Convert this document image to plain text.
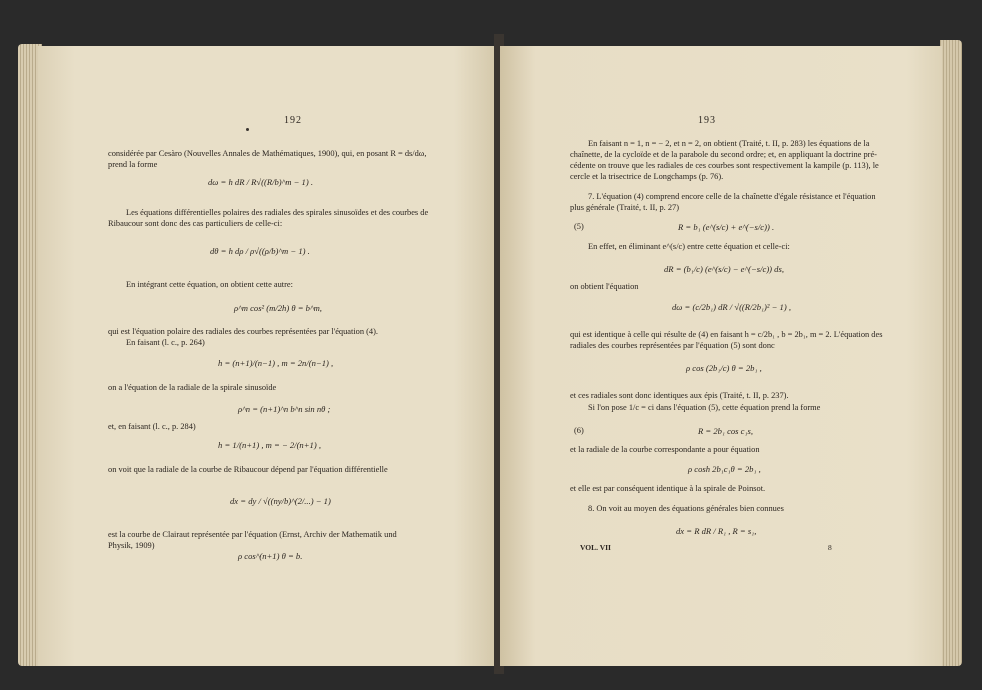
192
considérée par Cesàro (Nouvelles Annales de Mathématiques, 1900), qui, en posant R = ds/dω,
prend la forme
dω = h dR / R√((R/b)^m − 1) .
Les équations différentielles polaires des radiales des spirales sinusoïdes et des courbes de
Ribaucour sont donc des cas particuliers de celle-ci:
dθ = h dρ / ρ√((ρ/b)^m − 1) .
En intégrant cette équation, on obtient cette autre:
ρ^m cos² (m/2h) θ = b^m,
qui est l'équation polaire des radiales des courbes représentées par l'équation (4).
En faisant (l. c., p. 264)
h = (n+1)/(n−1) , m = 2n/(n−1) ,
on a l'équation de la radiale de la spirale sinusoïde
ρ^n = (n+1)^n b^n sin nθ ;
et, en faisant (l. c., p. 284)
h = 1/(n+1) , m = − 2/(n+1) ,
on voit que la radiale de la courbe de Ribaucour dépend par l'équation différentielle
dx = dy / √((ny/b)^(2/...) − 1)
est la courbe de Clairaut représentée par l'équation (Ernst, Archiv der Mathematik und
Physik, 1909)
ρ cos^(n+1) θ = b.
193
En faisant n = 1, n = − 2, et n = 2, on obtient (Traité, t. II, p. 283) les équations de la
chaînette, de la cycloïde et de la parabole du second ordre; et, en appliquant la doctrine pré-
cédente on trouve que les radiales de ces courbes sont respectivement la kampile (p. 113), le
cercle et la trisectrice de Longchamps (p. 76).
7. L'équation (4) comprend encore celle de la chaînette d'égale résistance et l'équation
plus générale (Traité, t. II, p. 27)
(5)	R = b₁ (e^(s/c) + e^(−s/c)) .
En effet, en éliminant e^(s/c) entre cette équation et celle-ci:
dR = (b₁/c) (e^(s/c) − e^(−s/c)) ds,
on obtient l'équation
dω = (c/2b₁) dR / √((R/2b₁)² − 1) ,
qui est identique à celle qui résulte de (4) en faisant h = c/2b₁ , b = 2b₁, m = 2. L'équation des
radiales des courbes représentées par l'équation (5) sont donc
ρ cos (2b₁/c) θ = 2b₁ ,
et ces radiales sont donc identiques aux épis (Traité, t. II, p. 237).
Si l'on pose 1/c = ci dans l'équation (5), cette équation prend la forme
(6)	R = 2b₁ cos c₁s,
et la radiale de la courbe correspondante a pour équation
ρ cosh 2b₁c₁θ = 2b₁ ,
et elle est par conséquent identique à la spirale de Poinsot.
8. On voit au moyen des équations générales bien connues
dx = R dR / R₁ , R = s₁,
VOL. VII	8
